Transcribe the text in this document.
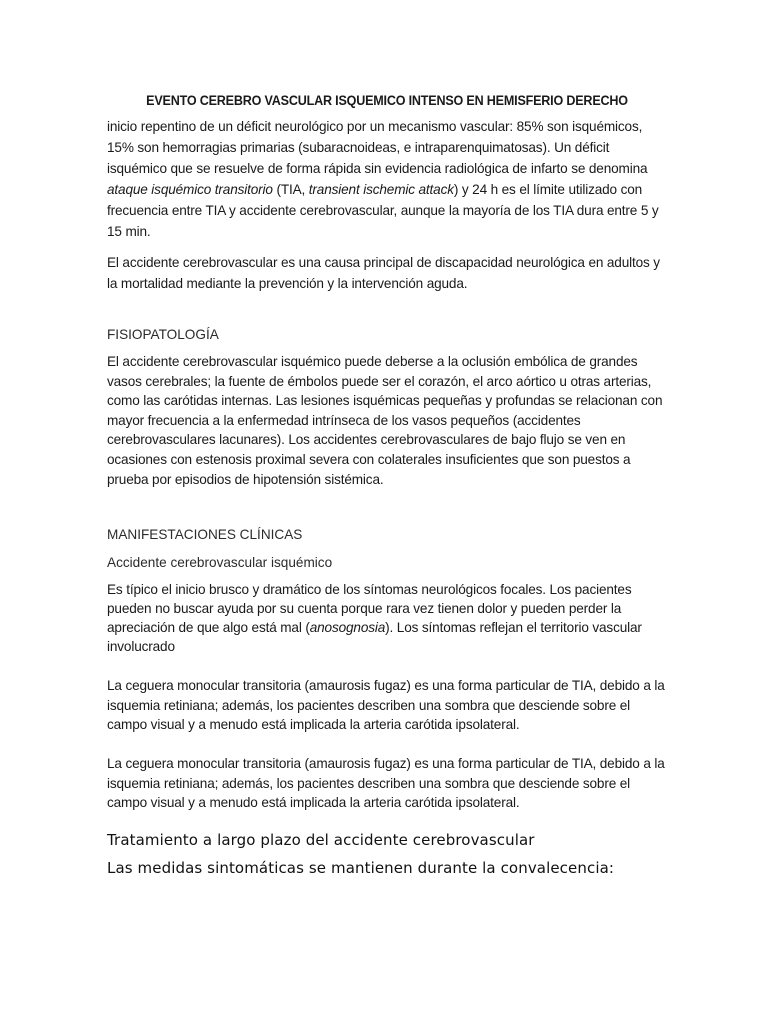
EVENTO CEREBRO VASCULAR ISQUEMICO INTENSO EN HEMISFERIO DERECHO

inicio repentino de un déficit neurológico por un mecanismo vascular: 85% son isquémicos, 15% son hemorragias primarias (subaracnoideas, e intraparenquimatosas). Un déficit isquémico que se resuelve de forma rápida sin evidencia radiológica de infarto se denomina ataque isquémico transitorio (TIA, transient ischemic attack) y 24 h es el límite utilizado con frecuencia entre TIA y accidente cerebrovascular, aunque la mayoría de los TIA dura entre 5 y 15 min.

El accidente cerebrovascular es una causa principal de discapacidad neurológica en adultos y la mortalidad mediante la prevención y la intervención aguda.

FISIOPATOLOGÍA

El accidente cerebrovascular isquémico puede deberse a la oclusión embólica de grandes vasos cerebrales; la fuente de émbolos puede ser el corazón, el arco aórtico u otras arterias, como las carótidas internas. Las lesiones isquémicas pequeñas y profundas se relacionan con mayor frecuencia a la enfermedad intrínseca de los vasos pequeños (accidentes cerebrovasculares lacunares). Los accidentes cerebrovasculares de bajo flujo se ven en ocasiones con estenosis proximal severa con colaterales insuficientes que son puestos a prueba por episodios de hipotensión sistémica.

MANIFESTACIONES CLÍNICAS

Accidente cerebrovascular isquémico

Es típico el inicio brusco y dramático de los síntomas neurológicos focales. Los pacientes pueden no buscar ayuda por su cuenta porque rara vez tienen dolor y pueden perder la apreciación de que algo está mal (anosognosia). Los síntomas reflejan el territorio vascular involucrado

La ceguera monocular transitoria (amaurosis fugaz) es una forma particular de TIA, debido a la isquemia retiniana; además, los pacientes describen una sombra que desciende sobre el campo visual y a menudo está implicada la arteria carótida ipsolateral.

La ceguera monocular transitoria (amaurosis fugaz) es una forma particular de TIA, debido a la isquemia retiniana; además, los pacientes describen una sombra que desciende sobre el campo visual y a menudo está implicada la arteria carótida ipsolateral.

Tratamiento a largo plazo del accidente cerebrovascular

Las medidas sintomáticas se mantienen durante la convalecencia:
